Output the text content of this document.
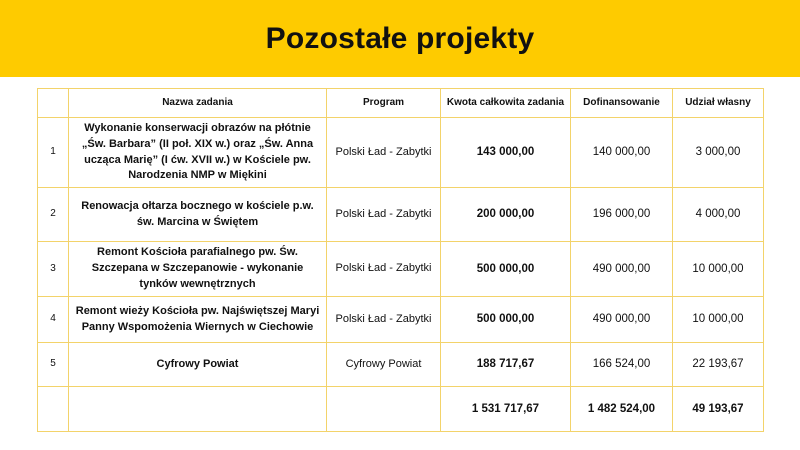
Pozostałe projekty
	Nazwa zadania	Program	Kwota całkowita zadania	Dofinansowanie	Udział własny
1	Wykonanie konserwacji obrazów na płótnie „Św. Barbara” (II poł. XIX w.) oraz „Św. Anna ucząca Marię” (I ćw. XVII w.) w Kościele pw. Narodzenia NMP w Miękini	Polski Ład - Zabytki	143 000,00	140 000,00	3 000,00
2	Renowacja ołtarza bocznego w kościele p.w. św. Marcina w Świętem	Polski Ład - Zabytki	200 000,00	196 000,00	4 000,00
3	Remont Kościoła parafialnego pw. Św. Szczepana w Szczepanowie - wykonanie tynków wewnętrznych	Polski Ład - Zabytki	500 000,00	490 000,00	10 000,00
4	Remont wieży Kościoła pw. Najświętszej Maryi Panny Wspomożenia Wiernych w Ciechowie	Polski Ład - Zabytki	500 000,00	490 000,00	10 000,00
5	Cyfrowy Powiat	Cyfrowy Powiat	188 717,67	166 524,00	22 193,67
			1 531 717,67	1 482 524,00	49 193,67
